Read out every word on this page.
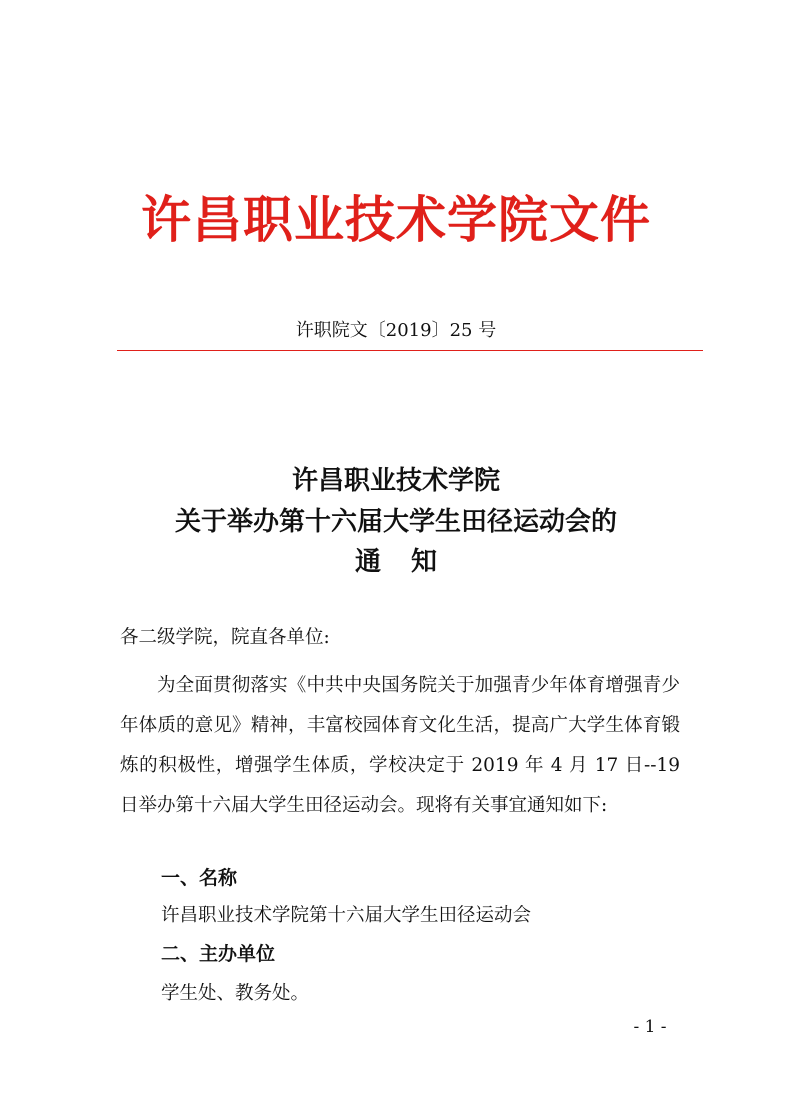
许昌职业技术学院文件
许职院文〔2019〕25 号
许昌职业技术学院
关于举办第十六届大学生田径运动会的
通知
各二级学院，院直各单位:
为全面贯彻落实《中共中央国务院关于加强青少年体育增强青少年体质的意见》精神，丰富校园体育文化生活，提高广大学生体育锻炼的积极性，增强学生体质，学校决定于 2019 年 4 月 17 日--19 日举办第十六届大学生田径运动会。现将有关事宜通知如下:
一、名称
许昌职业技术学院第十六届大学生田径运动会
二、主办单位
学生处、教务处。
- 1 -
